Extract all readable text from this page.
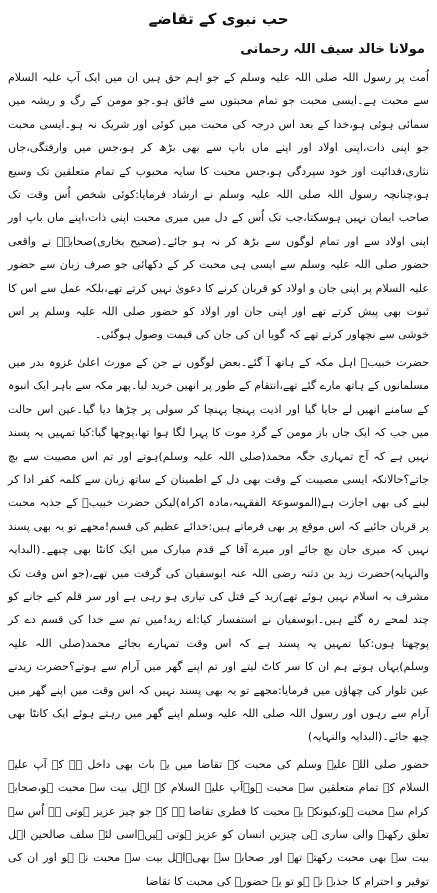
حب نبوی کے تقاضے
مولانا خالد سیف اللہ رحمانی

اُمت پر رسول اللہ صلی اللہ علیہ وسلم کے جو اہم حق ہیں ان میں ایک آپ علیہ السلام سے محبت ہے۔ایسی محبت جو تمام محبتوں سے فائق ہو۔جو مومن کے رگ و ریشہ میں سمائی ہوئی ہو،خدا کے بعد اس درجہ کی محبت میں کوئی اور شریک نہ ہو۔ایسی محبت جو اپنی ذات،اپنی اولاد اور اپنے ماں باپ سے بھی بڑھ کر ہو،جس میں وارفتگی،جاں نثاری،فدائیت اور خود سپردگی ہو،جس محبت کا سایہ محبوب کے تمام متعلقین تک وسیع ہو،چنانچہ رسول اللہ صلی اللہ علیہ وسلم نے ارشاد فرمایا:کوئی شخص اُس وقت تک صاحب ایمان نہیں ہوسکتا،جب تک اُس کے دل میں میری محبت اپنی ذات،اپنے ماں باپ اور اپنی اولاد سے اور تمام لوگوں سے بڑھ کر نہ ہو جائے۔(صحیح بخاری)صحابہؓ نے واقعی حضور صلی اللہ علیہ وسلم سے ایسی ہی محبت کر کے دکھائی جو صرف زبان سے حضور علیہ السلام پر اپنی جان و اولاد کو قربان کرنے کا دعویٰ نہیں کرتے تھے،بلکہ عمل سے اس کا ثبوت بھی پیش کرتے تھے اور اپنی جان اور اولاد کو حضور صلی اللہ علیہ وسلم پر اس خوشی سے نچھاور کرتے تھے کہ گویا ان کی جان کی قیمت وصول ہوگئی۔

حضرت خبیبؓ اہل مکہ کے ہاتھ آ گئے۔بعض لوگوں نے جن کے مورث اعلیٰ غزوہ بدر میں مسلمانوں کے ہاتھ مارے گئے تھے،انتقام کے طور پر انھیں خرید لیا۔پھر مکہ سے باہر ایک انبوہ کے سامنے انھیں لے جایا گیا اور اذیت پہنچا پہنچا کر سولی پر چڑھا دیا گیا۔عین اس حالت میں جب کہ ایک جاں باز مومن کے گرد موت کا پہرا لگا ہوا تھا،پوچھا گیا:کیا تمہیں یہ پسند نہیں ہے کہ آج تمہاری جگہ محمد(صلی اللہ علیہ وسلم)ہوتے اور تم اس مصیبت سے بچ جاتے؟حالانکہ ایسی مصیبت کے وقت بھی دل کے اطمینان کے ساتھ زبان سے کلمہ کفر ادا کر لینے کی بھی اجازت ہے(الموسوعۃ الفقہیہ،مادہ اکراہ)لیکن حضرت خبیبؓ کے جذبہ محبت پر قربان جائیے کہ اس موقع پر بھی فرماتے ہیں:خدائے عظیم کی قسم!مجھے تو یہ بھی پسند نہیں کہ میری جان بچ جائے اور میرے آقا کے قدم مبارک میں ایک کانٹا بھی چبھے۔(البدایہ والنہایہ)حضرت زید بن دثنہ رضی اللہ عنہ ابوسفیان کی گرفت میں تھے،(جو اس وقت تک مشرف بہ اسلام نہیں ہوئے تھے)زید کے قتل کی تیاری ہو رہی ہے اور سر قلم کیے جانے کو چند لمحے رہ گئے ہیں۔ابوسفیان نے استفسار کیا:اے زید!میں تم سے خدا کی قسم دے کر پوچھتا ہوں:کیا تمہیں یہ پسند ہے کہ اس وقت تمہارے بجائے محمد(صلی اللہ علیہ وسلم)یہاں ہوتے ہم ان کا سر کاٹ لیتے اور تم اپنے گھر میں آرام سے ہوتے؟حضرت زیدنے عین تلوار کی چھاؤں میں فرمایا:مجھے تو یہ بھی پسند نہیں کہ اس وقت میں اپنے گھر میں آرام سے رہوں اور رسول اللہ صلی اللہ علیہ وسلم اپنے گھر میں رہتے ہوئے ایک کانٹا بھی چبھ جائے۔(البدایہ والنہایہ)

حضور صلی اللہ علیہ وسلم کی محبت کے تقاضا میں یہ بات بھی داخل ہے کہ آپ علیہ السلام کے تمام متعلقین سے محبت ہو۔آپ علیہ السلام کے اہل بیت سے محبت ہو،صحابہ کرام سے محبت ہو،کیونکہ یہ محبت کا فطری تقاضا ہے کہ جو چیز عزیز ہوتی ہے اُس سے تعلق رکھنے والی ساری ہی چیزیں انسان کو عزیز ہوتی ہیں۔اسی لئے سلف صالحین اہل بیت سے بھی محبت رکھتے تھے اور صحابہ سے بھی۔اہل بیت سے محبت نہ ہو اور ان کی توقیر و احترام کا جذبہ نہ ہو تو یہ حضورؐ کی محبت کا تقاضا
